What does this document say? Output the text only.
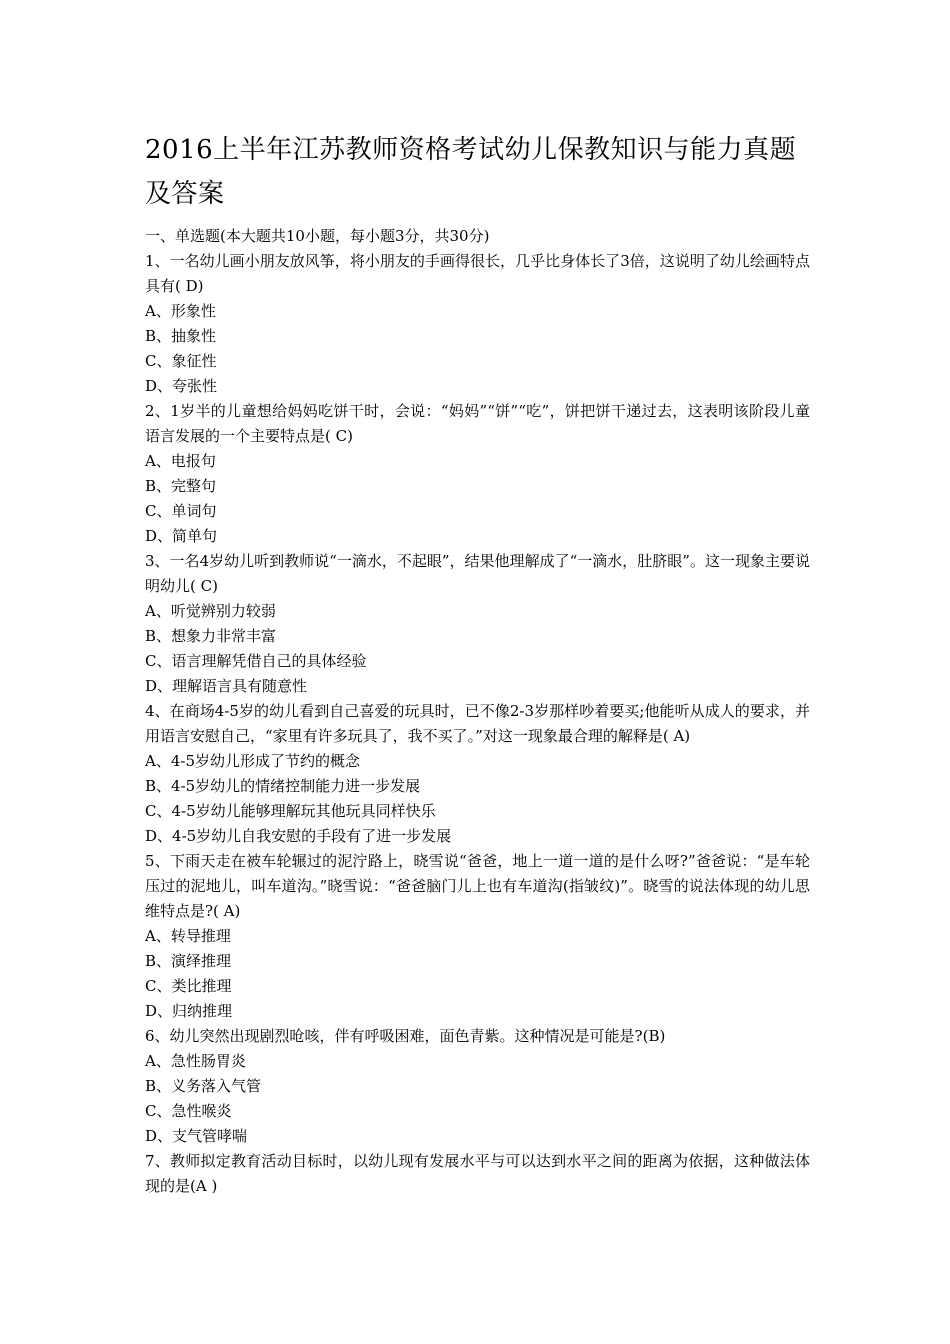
2016上半年江苏教师资格考试幼儿保教知识与能力真题及答案
一、单选题(本大题共10小题，每小题3分，共30分)
1、一名幼儿画小朋友放风筝，将小朋友的手画得很长，几乎比身体长了3倍，这说明了幼儿绘画特点具有( D)
A、形象性
B、抽象性
C、象征性
D、夸张性
2、1岁半的儿童想给妈妈吃饼干时，会说：“妈妈”“饼”“吃”，饼把饼干递过去，这表明该阶段儿童语言发展的一个主要特点是( C)
A、电报句
B、完整句
C、单词句
D、简单句
3、一名4岁幼儿听到教师说“一滴水，不起眼”，结果他理解成了“一滴水，肚脐眼”。这一现象主要说明幼儿( C)
A、听觉辨别力较弱
B、想象力非常丰富
C、语言理解凭借自己的具体经验
D、理解语言具有随意性
4、在商场4-5岁的幼儿看到自己喜爱的玩具时，已不像2-3岁那样吵着要买;他能听从成人的要求，并用语言安慰自己，“家里有许多玩具了，我不买了。”对这一现象最合理的解释是( A)
A、4-5岁幼儿形成了节约的概念
B、4-5岁幼儿的情绪控制能力进一步发展
C、4-5岁幼儿能够理解玩其他玩具同样快乐
D、4-5岁幼儿自我安慰的手段有了进一步发展
5、下雨天走在被车轮辗过的泥泞路上，晓雪说“爸爸，地上一道一道的是什么呀?”爸爸说：“是车轮压过的泥地儿，叫车道沟。”晓雪说：“爸爸脑门儿上也有车道沟(指皱纹)”。晓雪的说法体现的幼儿思维特点是?( A)
A、转导推理
B、演绎推理
C、类比推理
D、归纳推理
6、幼儿突然出现剧烈呛咳，伴有呼吸困难，面色青紫。这种情况是可能是?(B)
A、急性肠胃炎
B、义务落入气管
C、急性喉炎
D、支气管哮喘
7、教师拟定教育活动目标时，以幼儿现有发展水平与可以达到水平之间的距离为依据，这种做法体现的是(A )
